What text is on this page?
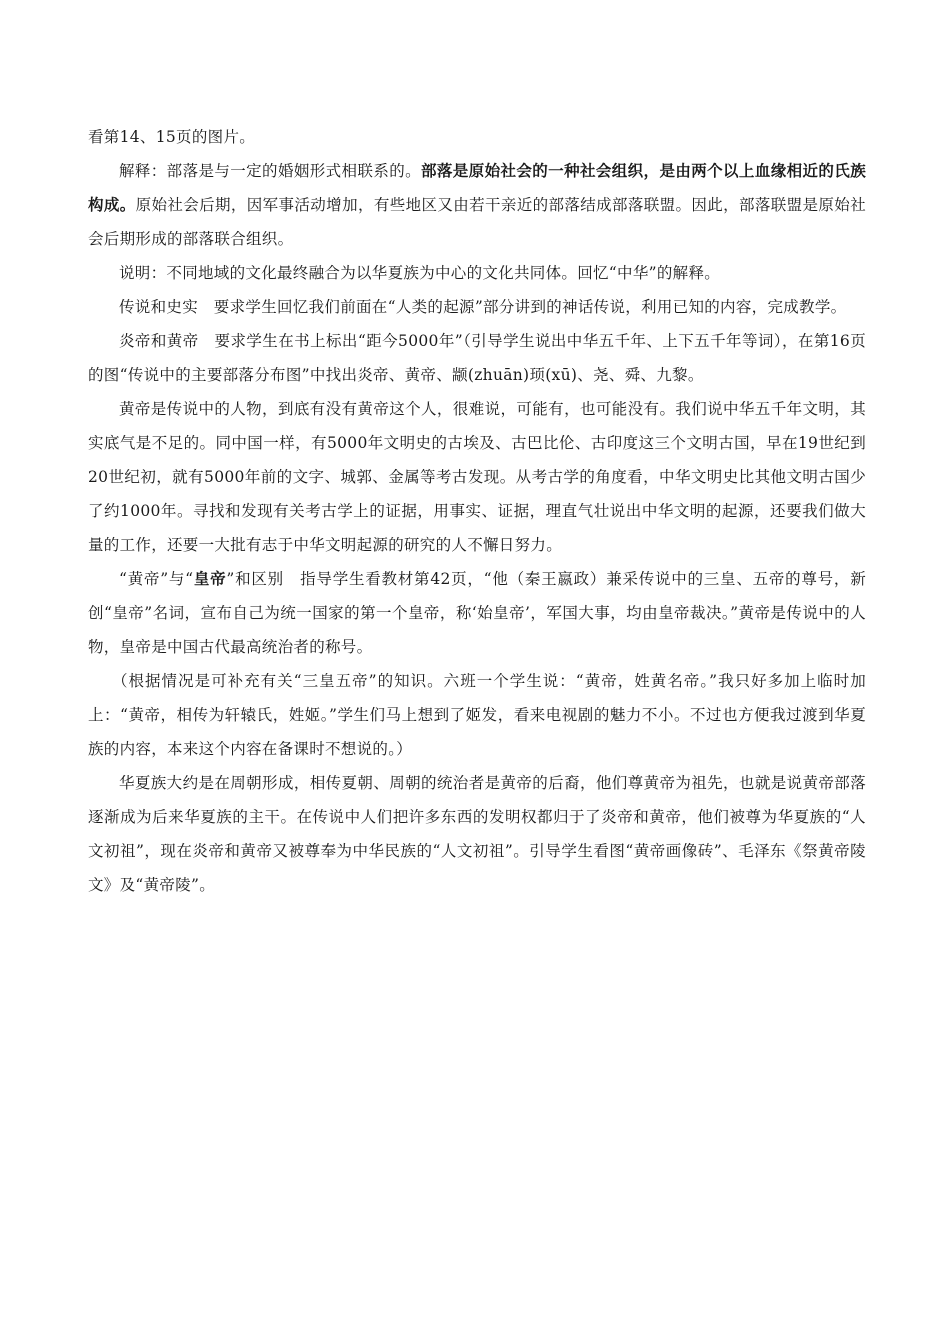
看第14、15页的图片。

解释：部落是与一定的婚姻形式相联系的。部落是原始社会的一种社会组织，是由两个以上血缘相近的氏族构成。原始社会后期，因军事活动增加，有些地区又由若干亲近的部落结成部落联盟。因此，部落联盟是原始社会后期形成的部落联合组织。

说明：不同地域的文化最终融合为以华夏族为中心的文化共同体。回忆“中华”的解释。

传说和史实　要求学生回忆我们前面在“人类的起源”部分讲到的神话传说，利用已知的内容，完成教学。

炎帝和黄帝　要求学生在书上标出“距今5000年”（引导学生说出中华五千年、上下五千年等词），在第16页的图“传说中的主要部落分布图”中找出炎帝、黄帝、颛(zhuān)顼(xū)、尧、舜、九黎。

黄帝是传说中的人物，到底有没有黄帝这个人，很难说，可能有，也可能没有。我们说中华五千年文明，其实底气是不足的。同中国一样，有5000年文明史的古埃及、古巴比伦、古印度这三个文明古国，早在19世纪到20世纪初，就有5000年前的文字、城郭、金属等考古发现。从考古学的角度看，中华文明史比其他文明古国少了约1000年。寻找和发现有关考古学上的证据，用事实、证据，理直气壮说出中华文明的起源，还要我们做大量的工作，还要一大批有志于中华文明起源的研究的人不懈日努力。

“黄帝”与“皇帝”和区别　指导学生看教材第42页，“他（秦王嬴政）兼采传说中的三皇、五帝的尊号，新创“皇帝”名词，宣布自己为统一国家的第一个皇帝，称‘始皇帝’，军国大事，均由皇帝裁决。”黄帝是传说中的人物，皇帝是中国古代最高统治者的称号。

（根据情况是可补充有关“三皇五帝”的知识。六班一个学生说：“黄帝，姓黄名帝。”我只好多加上临时加上：“黄帝，相传为轩辕氏，姓姬。”学生们马上想到了姬发，看来电视剧的魅力不小。不过也方便我过渡到华夏族的内容，本来这个内容在备课时不想说的。）

华夏族大约是在周朝形成，相传夏朝、周朝的统治者是黄帝的后裔，他们尊黄帝为祖先，也就是说黄帝部落逐渐成为后来华夏族的主干。在传说中人们把许多东西的发明权都归于了炎帝和黄帝，他们被尊为华夏族的“人文初祖”，现在炎帝和黄帝又被尊奉为中华民族的“人文初祖”。引导学生看图“黄帝画像砖”、毛泽东《祭黄帝陵文》及“黄帝陵”。
